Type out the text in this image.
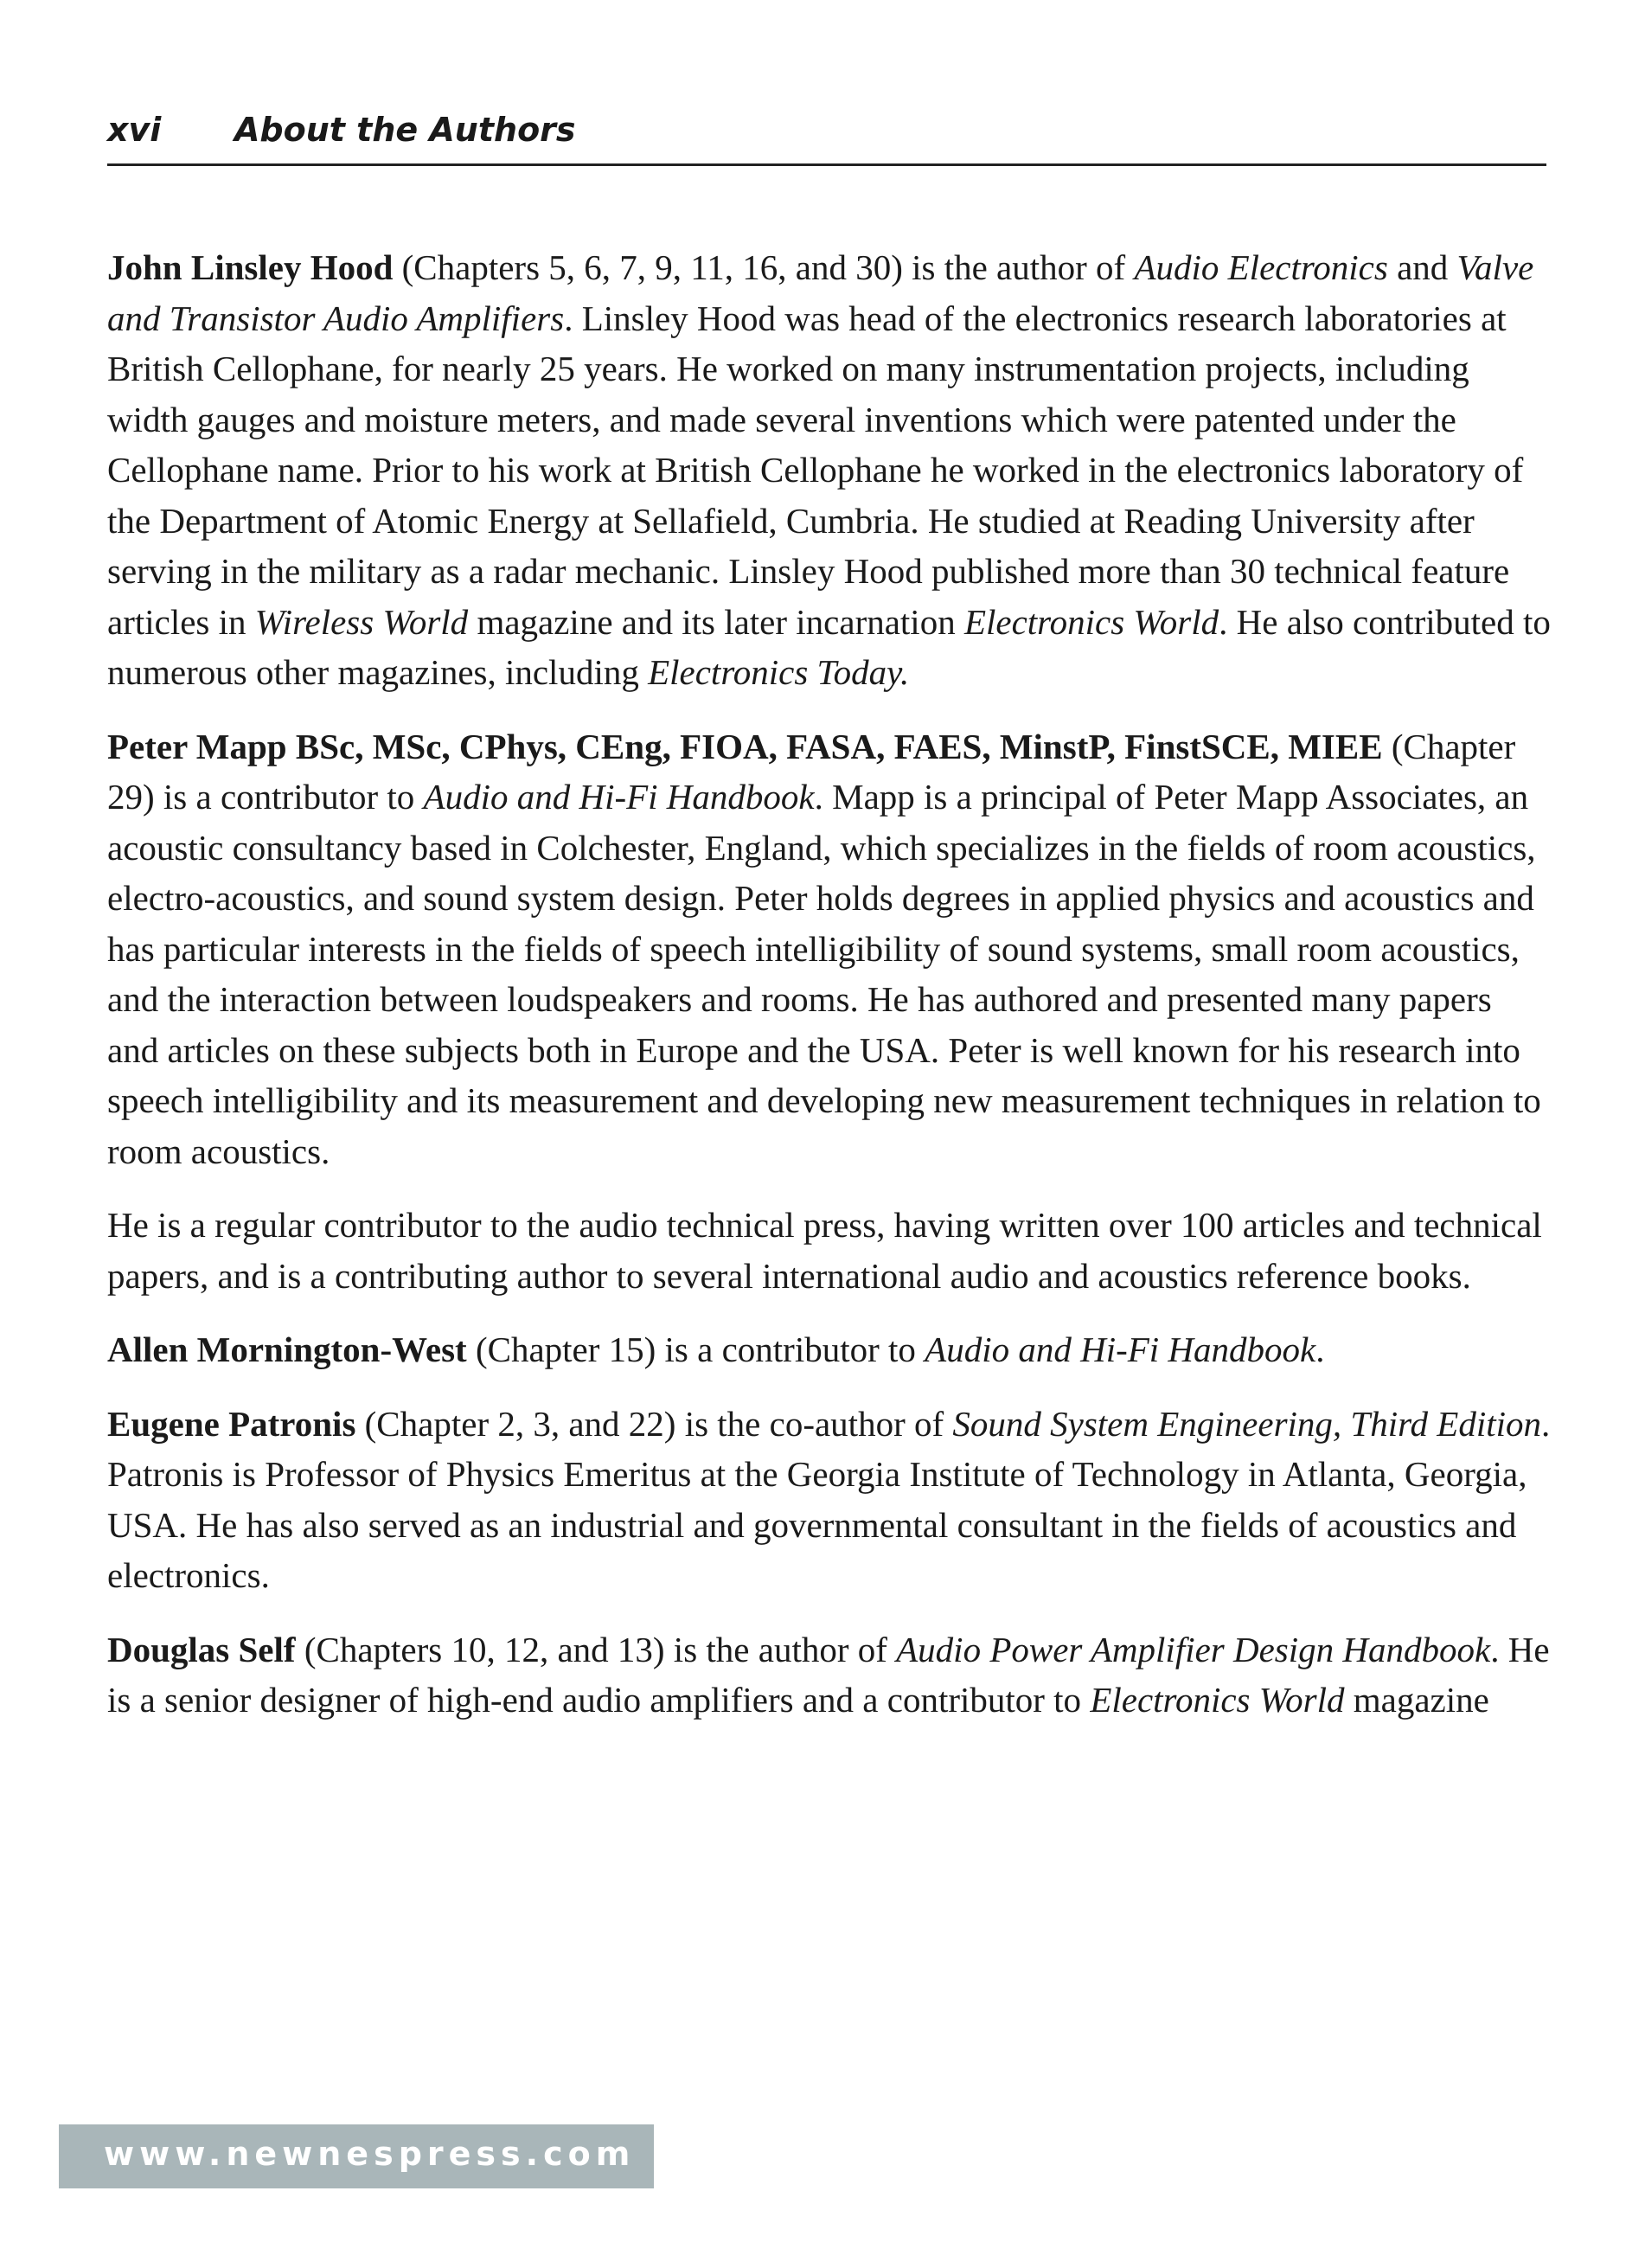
xvi About the Authors

John Linsley Hood (Chapters 5, 6, 7, 9, 11, 16, and 30) is the author of Audio Electronics and Valve and Transistor Audio Amplifiers. Linsley Hood was head of the electronics research laboratories at British Cellophane, for nearly 25 years. He worked on many instrumentation projects, including width gauges and moisture meters, and made several inventions which were patented under the Cellophane name. Prior to his work at British Cellophane he worked in the electronics laboratory of the Department of Atomic Energy at Sellafield, Cumbria. He studied at Reading University after serving in the military as a radar mechanic. Linsley Hood published more than 30 technical feature articles in Wireless World magazine and its later incarnation Electronics World. He also contributed to numerous other magazines, including Electronics Today.

Peter Mapp BSc, MSc, CPhys, CEng, FIOA, FASA, FAES, MinstP, FinstSCE, MIEE (Chapter 29) is a contributor to Audio and Hi-Fi Handbook. Mapp is a principal of Peter Mapp Associates, an acoustic consultancy based in Colchester, England, which specializes in the fields of room acoustics, electro-acoustics, and sound system design. Peter holds degrees in applied physics and acoustics and has particular interests in the fields of speech intelligibility of sound systems, small room acoustics, and the interaction between loudspeakers and rooms. He has authored and presented many papers and articles on these subjects both in Europe and the USA. Peter is well known for his research into speech intelligibility and its measurement and developing new measurement techniques in relation to room acoustics.

He is a regular contributor to the audio technical press, having written over 100 articles and technical papers, and is a contributing author to several international audio and acoustics reference books.

Allen Mornington-West (Chapter 15) is a contributor to Audio and Hi-Fi Handbook.

Eugene Patronis (Chapter 2, 3, and 22) is the co-author of Sound System Engineering, Third Edition. Patronis is Professor of Physics Emeritus at the Georgia Institute of Technology in Atlanta, Georgia, USA. He has also served as an industrial and governmental consultant in the fields of acoustics and electronics.

Douglas Self (Chapters 10, 12, and 13) is the author of Audio Power Amplifier Design Handbook. He is a senior designer of high-end audio amplifiers and a contributor to Electronics World magazine

www.newnespress.com
